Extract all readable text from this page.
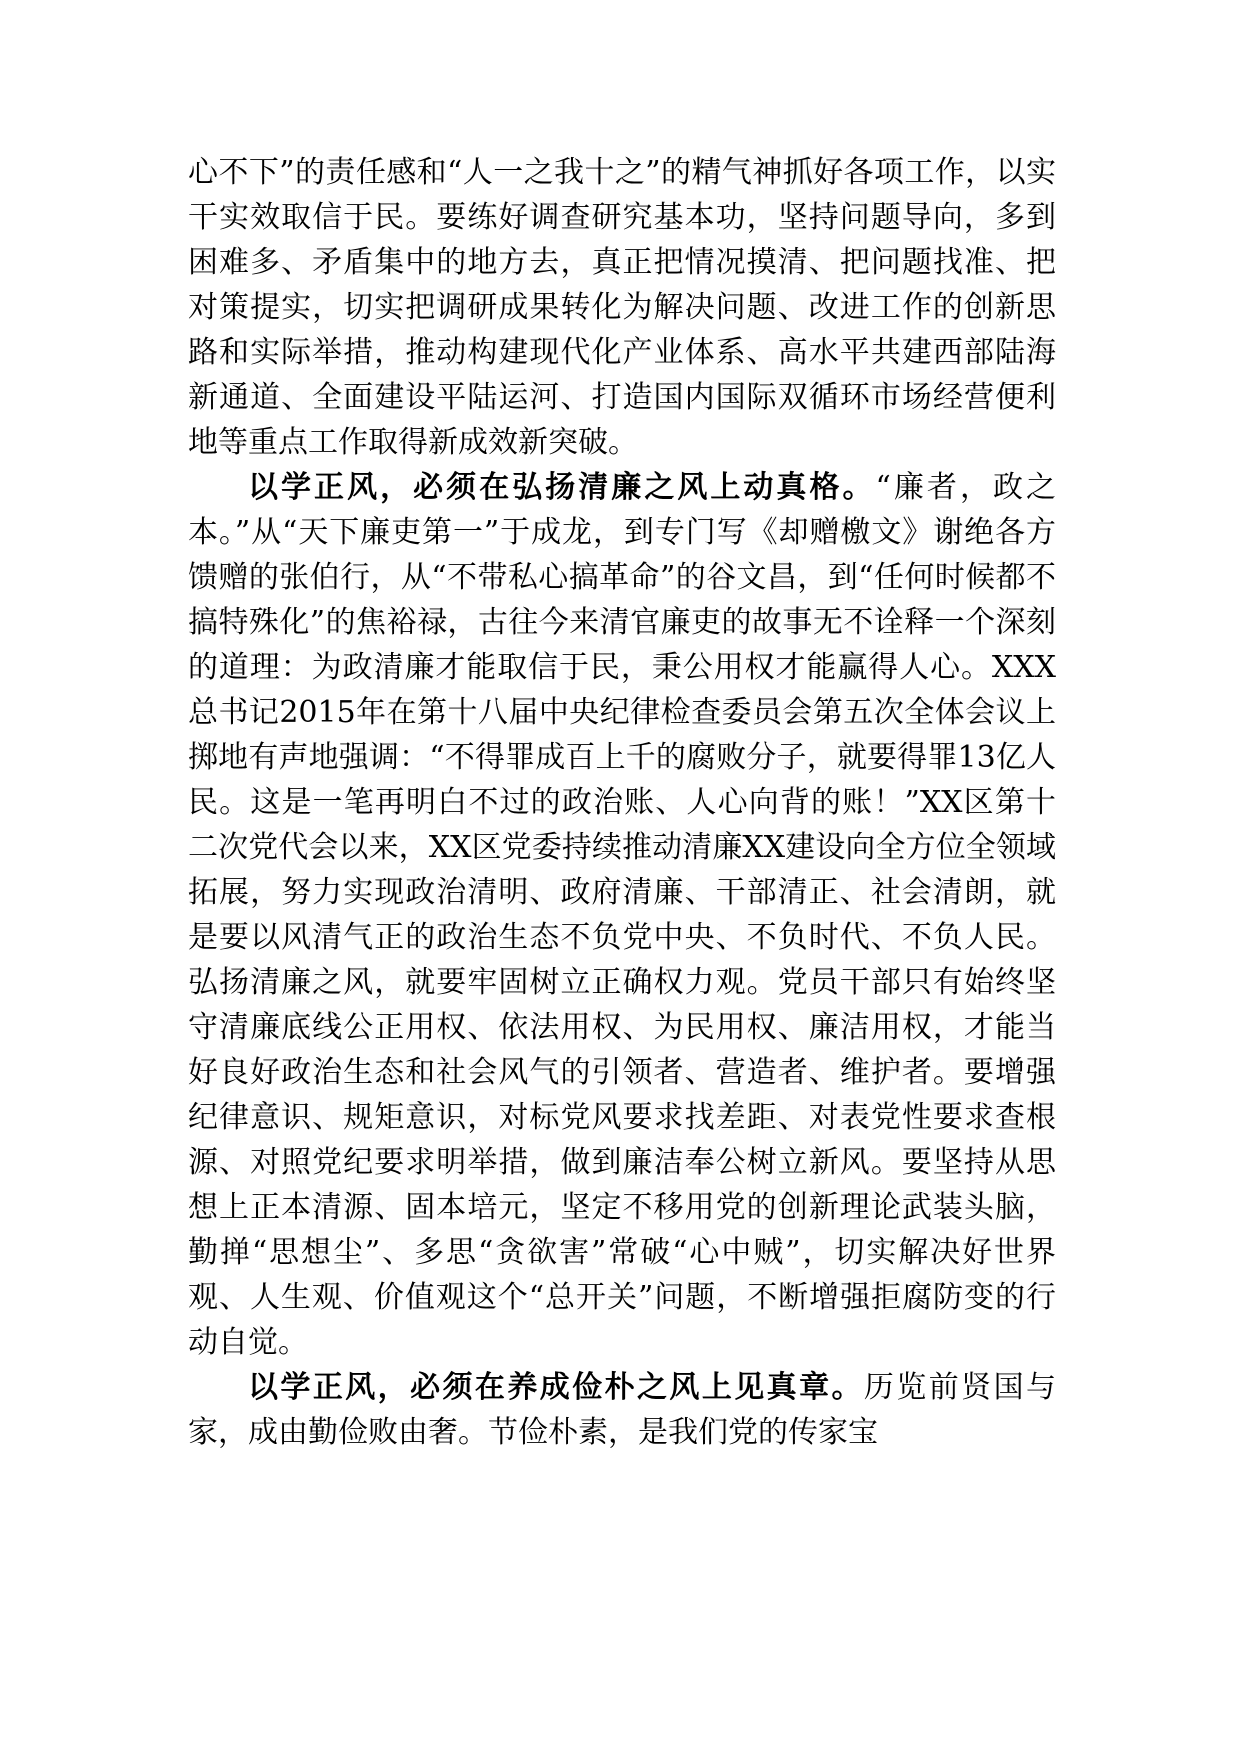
心不下”的责任感和“人一之我十之”的精气神抓好各项工作，以实干实效取信于民。要练好调查研究基本功，坚持问题导向，多到困难多、矛盾集中的地方去，真正把情况摸清、把问题找准、把对策提实，切实把调研成果转化为解决问题、改进工作的创新思路和实际举措，推动构建现代化产业体系、高水平共建西部陆海新通道、全面建设平陆运河、打造国内国际双循环市场经营便利地等重点工作取得新成效新突破。

以学正风，必须在弘扬清廉之风上动真格。“廉者，政之本。”从“天下廉吏第一”于成龙，到专门写《却赠檄文》谢绝各方馈赠的张伯行，从“不带私心搞革命”的谷文昌，到“任何时候都不搞特殊化”的焦裕禄，古往今来清官廉吏的故事无不诠释一个深刻的道理：为政清廉才能取信于民，秉公用权才能赢得人心。XXX总书记2015年在第十八届中央纪律检查委员会第五次全体会议上掷地有声地强调：“不得罪成百上千的腐败分子，就要得罪13亿人民。这是一笔再明白不过的政治账、人心向背的账！”XX区第十二次党代会以来，XX区党委持续推动清廉XX建设向全方位全领域拓展，努力实现政治清明、政府清廉、干部清正、社会清朗，就是要以风清气正的政治生态不负党中央、不负时代、不负人民。弘扬清廉之风，就要牢固树立正确权力观。党员干部只有始终坚守清廉底线公正用权、依法用权、为民用权、廉洁用权，才能当好良好政治生态和社会风气的引领者、营造者、维护者。要增强纪律意识、规矩意识，对标党风要求找差距、对表党性要求查根源、对照党纪要求明举措，做到廉洁奉公树立新风。要坚持从思想上正本清源、固本培元，坚定不移用党的创新理论武装头脑，勤掸“思想尘”、多思“贪欲害”常破“心中贼”，切实解决好世界观、人生观、价值观这个“总开关”问题，不断增强拒腐防变的行动自觉。

以学正风，必须在养成俭朴之风上见真章。历览前贤国与家，成由勤俭败由奢。节俭朴素，是我们党的传家宝
